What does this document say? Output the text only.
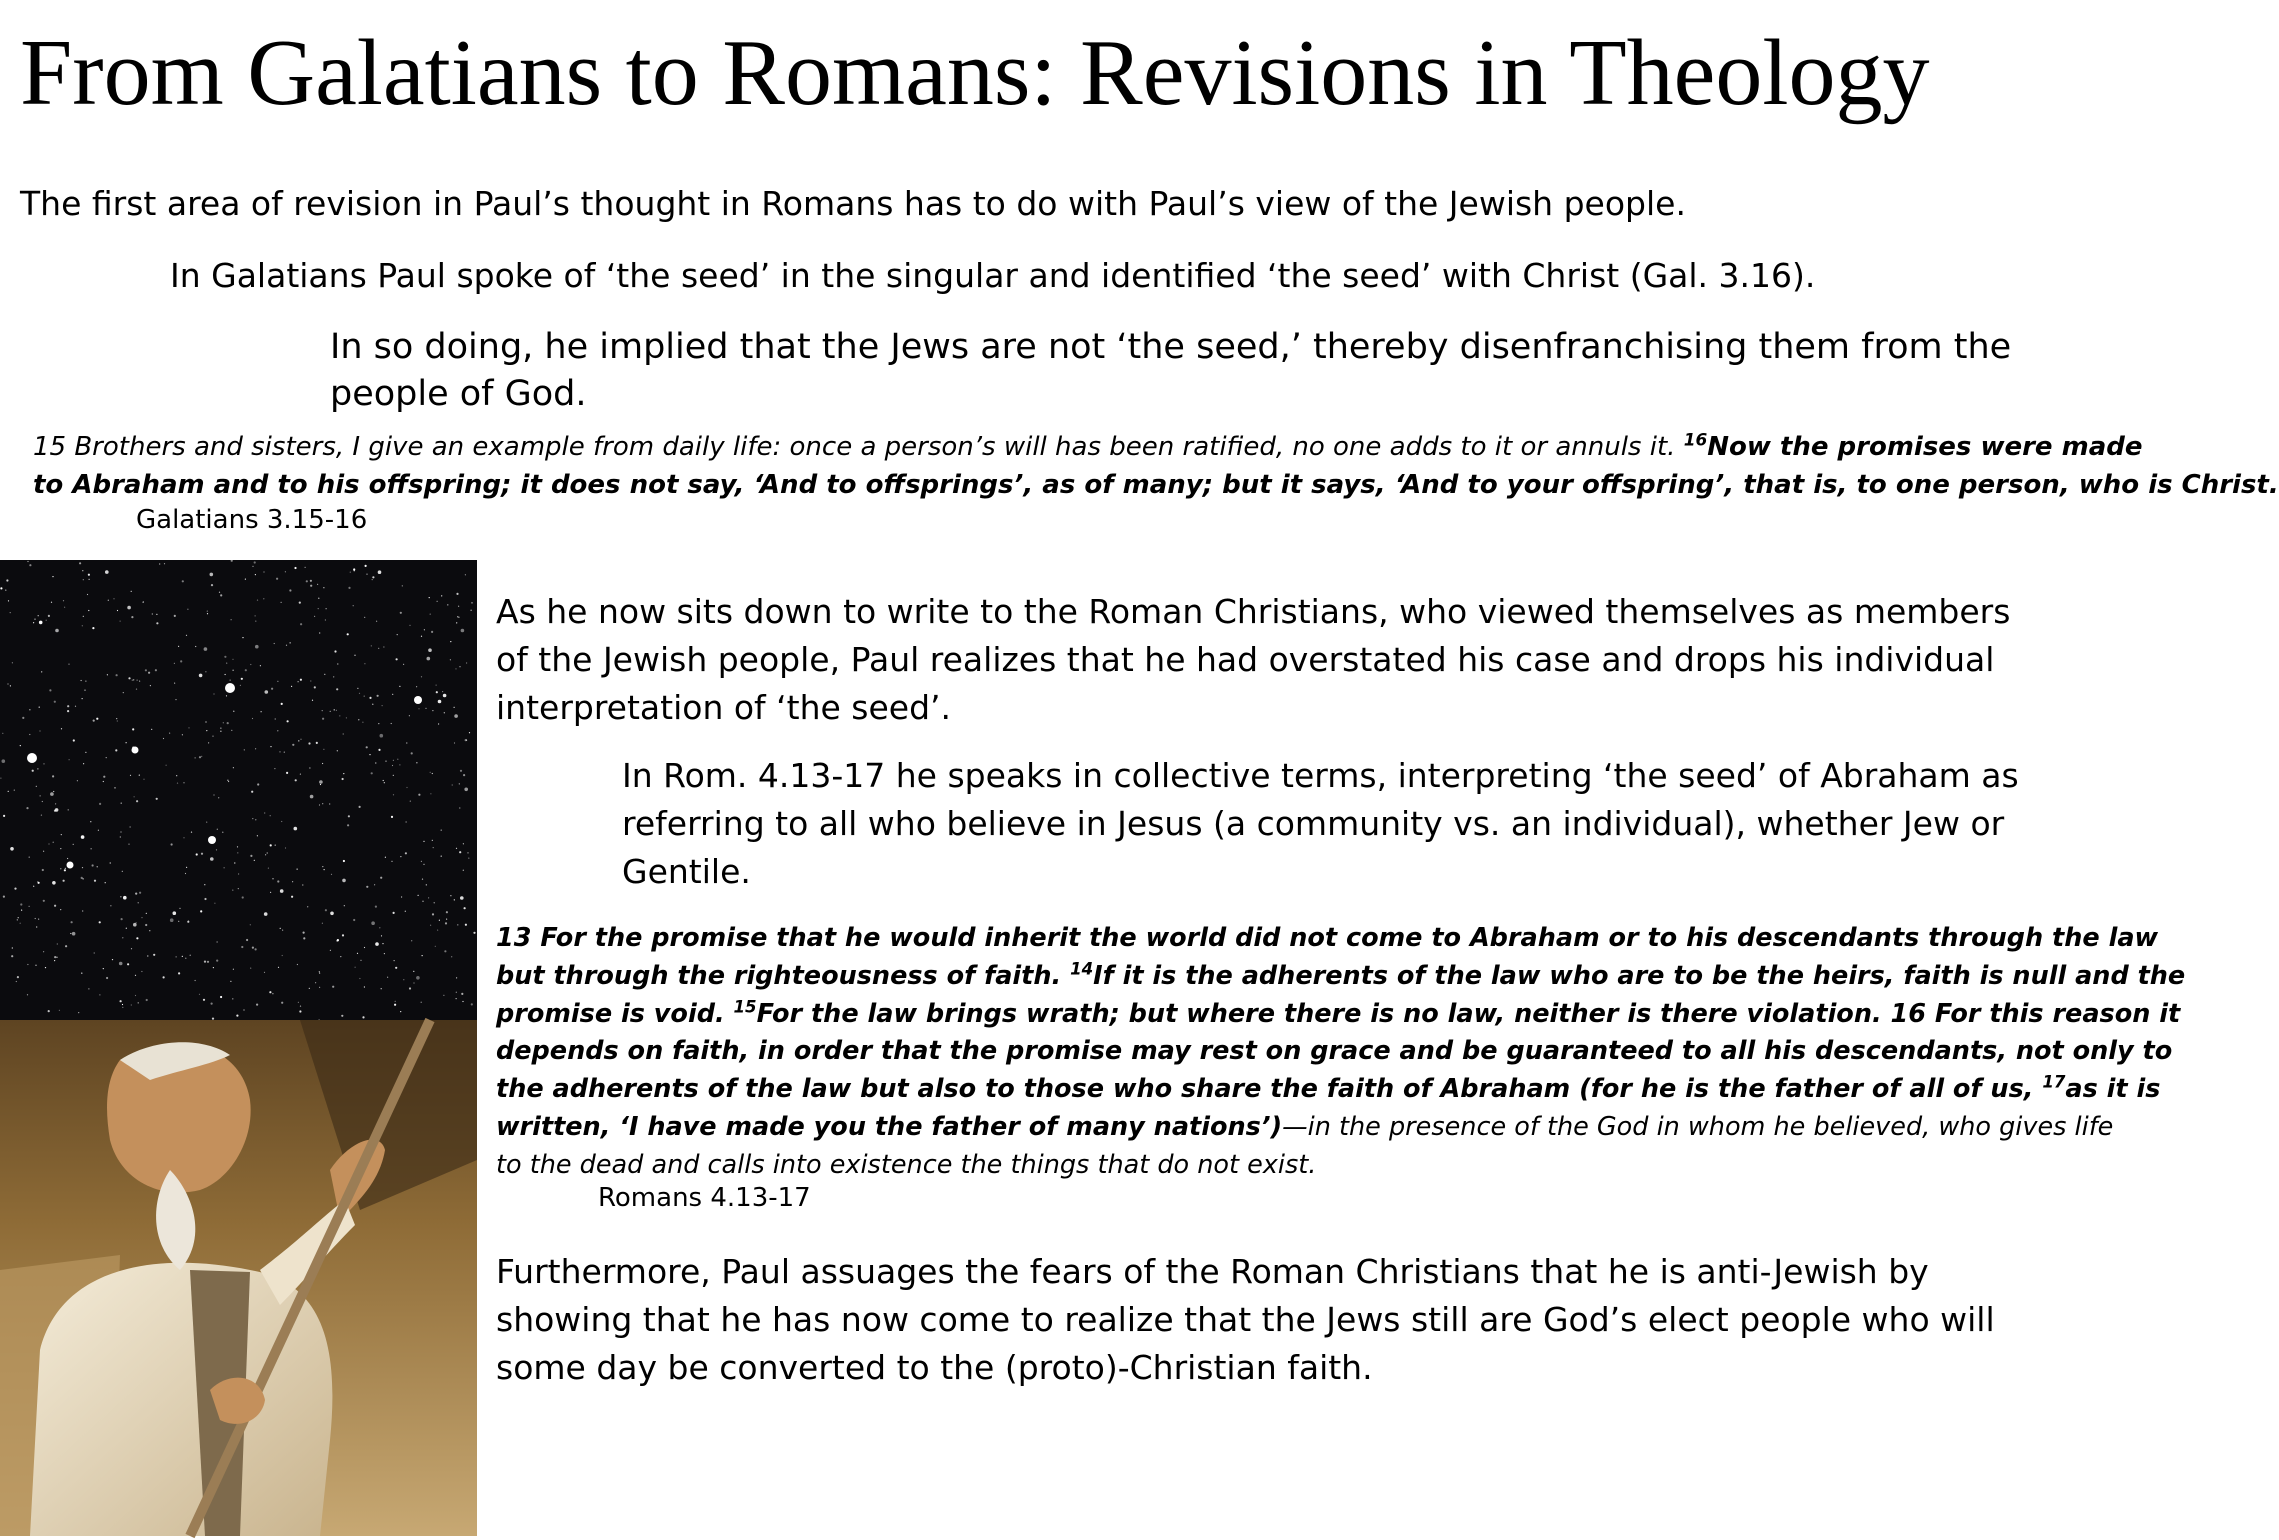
From Galatians to Romans: Revisions in Theology
The first area of revision in Paul’s thought in Romans has to do with Paul’s view of the Jewish people.
In Galatians Paul spoke of ‘the seed’ in the singular and identified ‘the seed’ with Christ (Gal. 3.16).
In so doing, he implied that the Jews are not ‘the seed,’ thereby disenfranchising them from the people of God.
15 Brothers and sisters, I give an example from daily life: once a person’s will has been ratified, no one adds to it or annuls it. $^{16}$Now the promises were made
to Abraham and to his offspring; it does not say, ‘And to offsprings’, as of many; but it says, ‘And to your offspring’, that is, to one person, who is Christ.
Galatians 3.15-16
As he now sits down to write to the Roman Christians, who viewed themselves as members of the Jewish people, Paul realizes that he had overstated his case and drops his individual interpretation of ‘the seed’.
In Rom. 4.13-17 he speaks in collective terms, interpreting ‘the seed’ of Abraham as referring to all who believe in Jesus (a community vs. an individual), whether Jew or Gentile.
13 For the promise that he would inherit the world did not come to Abraham or to his descendants through the law
but through the righteousness of faith. $^{14}$If it is the adherents of the law who are to be the heirs, faith is null and the
promise is void. $^{15}$For the law brings wrath; but where there is no law, neither is there violation. 16 For this reason it
depends on faith, in order that the promise may rest on grace and be guaranteed to all his descendants, not only to
the adherents of the law but also to those who share the faith of Abraham (for he is the father of all of us, $^{17}$as it is
written, ‘I have made you the father of many nations’)—in the presence of the God in whom he believed, who gives life
to the dead and calls into existence the things that do not exist.
Romans 4.13-17
Furthermore, Paul assuages the fears of the Roman Christians that he is anti-Jewish by showing that he has now come to realize that the Jews still are God’s elect people who will some day be converted to the (proto)-Christian faith.
